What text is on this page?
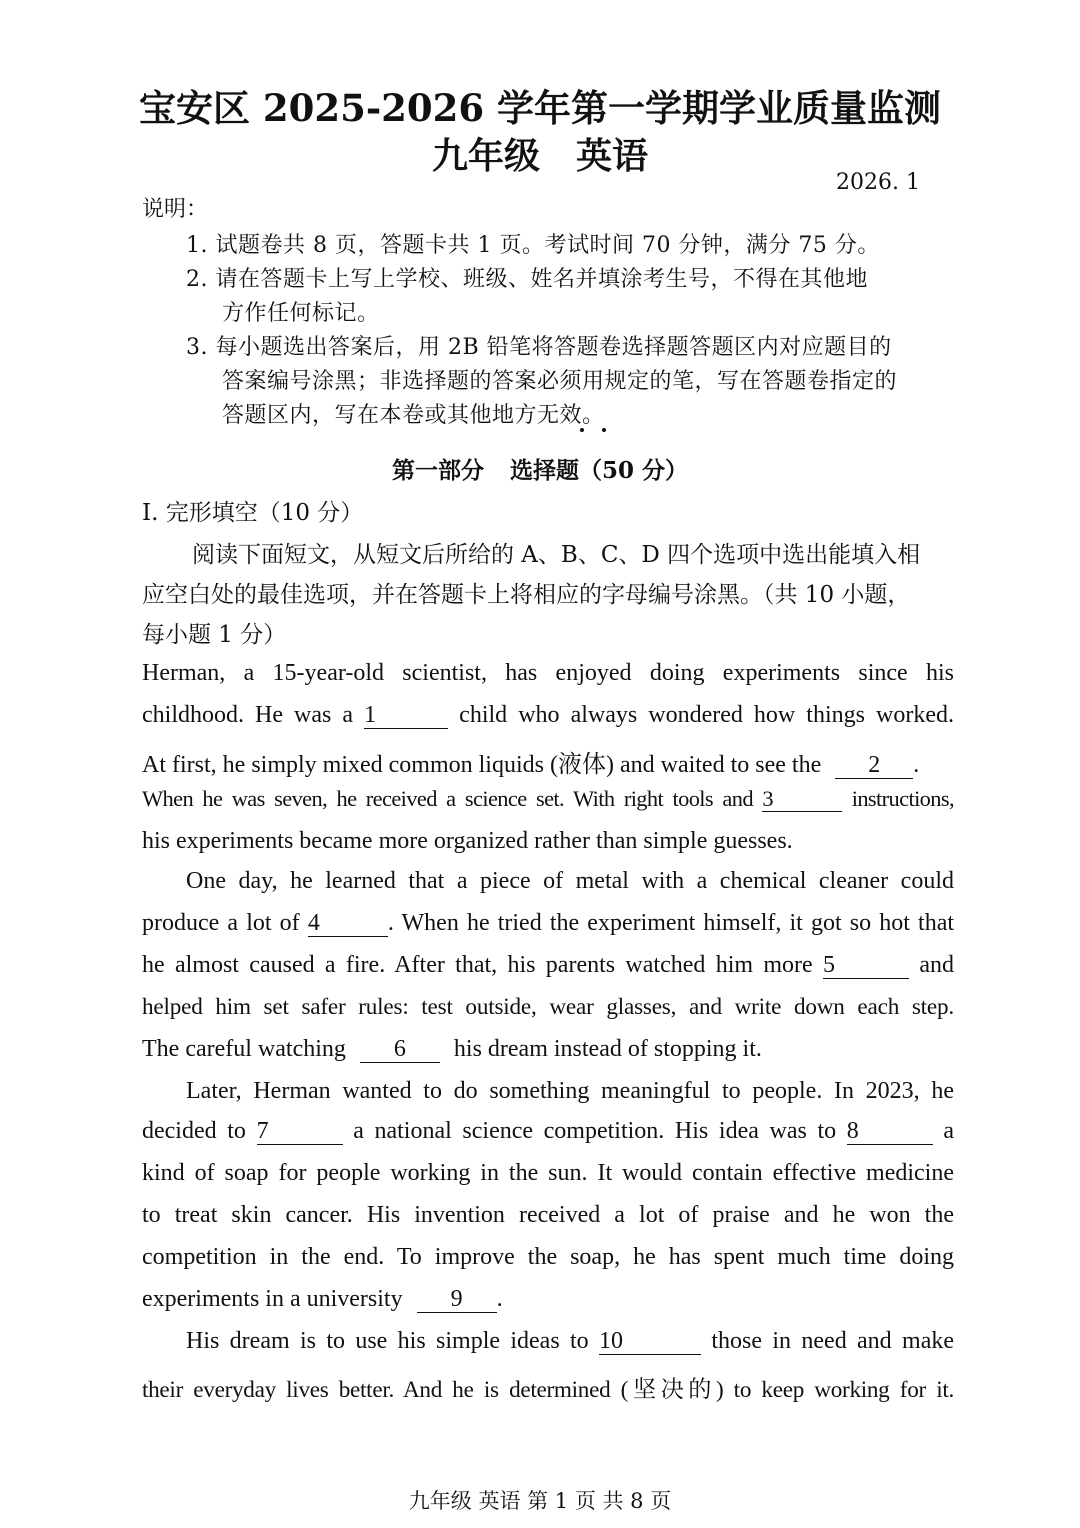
宝安区 2025-2026 学年第一学期学业质量监测
九年级 英语
2026. 1
说明：
1. 试题卷共 8 页，答题卡共 1 页。考试时间 70 分钟，满分 75 分。
2. 请在答题卡上写上学校、班级、姓名并填涂考生号，不得在其他地
方作任何标记。
3. 每小题选出答案后，用 2B 铅笔将答题卷选择题答题区内对应题目的
答案编号涂黑；非选择题的答案必须用规定的笔，写在答题卷指定的
答题区内，写在本卷或其他地方无效。
第一部分 选择题（50 分）
I. 完形填空（10 分）
阅读下面短文，从短文后所给的 A、B、C、D 四个选项中选出能填入相
应空白处的最佳选项，并在答题卡上将相应的字母编号涂黑。（共 10 小题，
每小题 1 分）
Herman, a 15-year-old scientist, has enjoyed doing experiments since his
childhood. He was a 1	child who always wondered how things worked.
At first, he simply mixed common liquids (液体) and waited to see the 2 .
When he was seven, he received a science set. With right tools and 3	instructions,
his experiments became more organized rather than simple guesses.
One day, he learned that a piece of metal with a chemical cleaner could
produce a lot of 4	. When he tried the experiment himself, it got so hot that
he almost caused a fire. After that, his parents watched him more 5	and
helped him set safer rules: test outside, wear glasses, and write down each step.
The careful watching 6 his dream instead of stopping it.
Later, Herman wanted to do something meaningful to people. In 2023, he
decided to 7	a national science competition. His idea was to 8	a
kind of soap for people working in the sun. It would contain effective medicine
to treat skin cancer. His invention received a lot of praise and he won the
competition in the end. To improve the soap, he has spent much time doing
experiments in a university 9 .
His dream is to use his simple ideas to 10	those in need and make
their everyday lives better. And he is determined (坚决的) to keep working for it.
九年级 英语 第 1 页 共 8 页
